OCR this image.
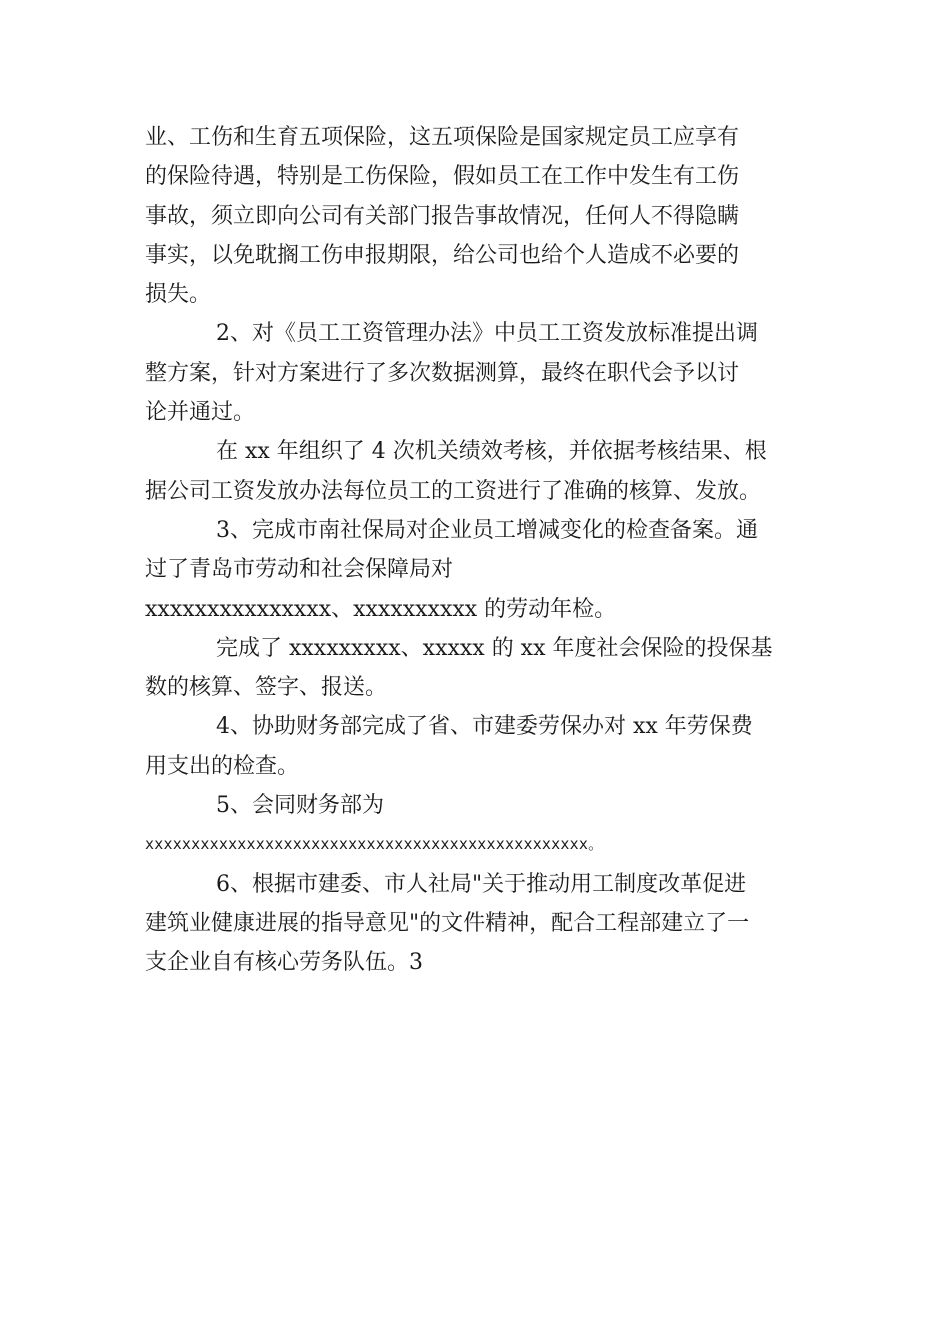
业、工伤和生育五项保险，这五项保险是国家规定员工应享有
的保险待遇，特别是工伤保险，假如员工在工作中发生有工伤
事故，须立即向公司有关部门报告事故情况，任何人不得隐瞒
事实，以免耽搁工伤申报期限，给公司也给个人造成不必要的
损失。
2、对《员工工资管理办法》中员工工资发放标准提出调
整方案，针对方案进行了多次数据测算，最终在职代会予以讨
论并通过。
在 xx 年组织了 4 次机关绩效考核，并依据考核结果、根
据公司工资发放办法每位员工的工资进行了准确的核算、发放。
3、完成市南社保局对企业员工增减变化的检查备案。通
过了青岛市劳动和社会保障局对
xxxxxxxxxxxxxxx、xxxxxxxxxx 的劳动年检。
完成了 xxxxxxxxx、xxxxx 的 xx 年度社会保险的投保基
数的核算、签字、报送。
4、协助财务部完成了省、市建委劳保办对 xx 年劳保费
用支出的检查。
5、会同财务部为
xxxxxxxxxxxxxxxxxxxxxxxxxxxxxxxxxxxxxxxxxxxxxxxx。
6、根据市建委、市人社局"关于推动用工制度改革促进
建筑业健康进展的指导意见"的文件精神，配合工程部建立了一
支企业自有核心劳务队伍。3
